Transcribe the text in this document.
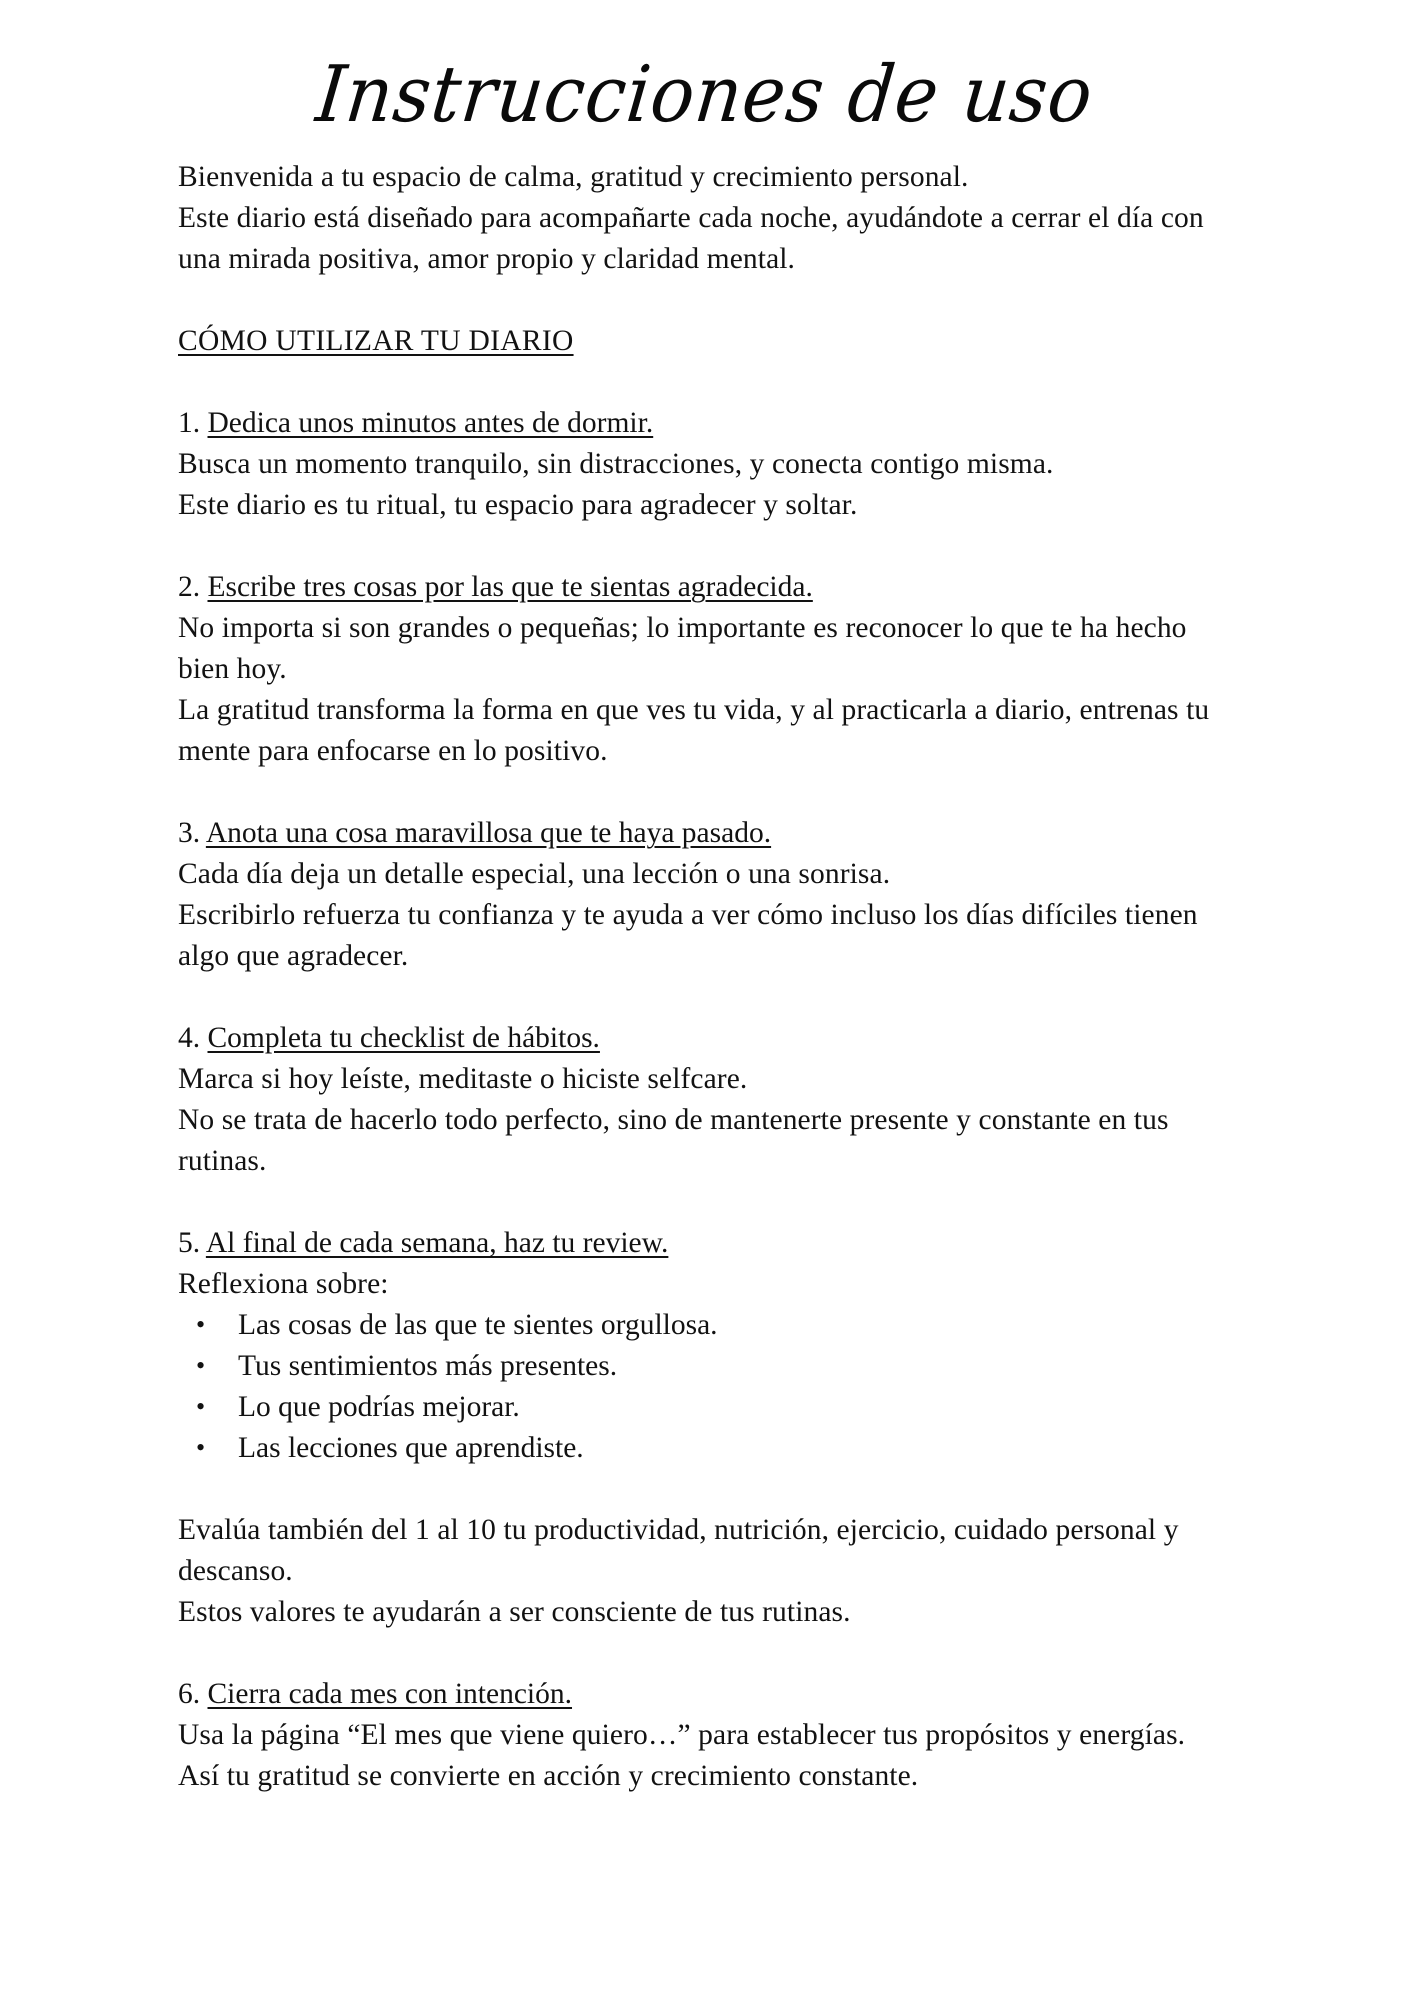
Instrucciones de uso

Bienvenida a tu espacio de calma, gratitud y crecimiento personal.
Este diario está diseñado para acompañarte cada noche, ayudándote a cerrar el día con una mirada positiva, amor propio y claridad mental.

CÓMO UTILIZAR TU DIARIO

1. Dedica unos minutos antes de dormir.

Busca un momento tranquilo, sin distracciones, y conecta contigo misma.
Este diario es tu ritual, tu espacio para agradecer y soltar.

2. Escribe tres cosas por las que te sientas agradecida.

No importa si son grandes o pequeñas; lo importante es reconocer lo que te ha hecho bien hoy.
La gratitud transforma la forma en que ves tu vida, y al practicarla a diario, entrenas tu mente para enfocarse en lo positivo.

3. Anota una cosa maravillosa que te haya pasado.

Cada día deja un detalle especial, una lección o una sonrisa.
Escribirlo refuerza tu confianza y te ayuda a ver cómo incluso los días difíciles tienen algo que agradecer.

4. Completa tu checklist de hábitos.

Marca si hoy leíste, meditaste o hiciste selfcare.
No se trata de hacerlo todo perfecto, sino de mantenerte presente y constante en tus rutinas.

5. Al final de cada semana, haz tu review.

Reflexiona sobre:

• Las cosas de las que te sientes orgullosa.
• Tus sentimientos más presentes.
• Lo que podrías mejorar.
• Las lecciones que aprendiste.

Evalúa también del 1 al 10 tu productividad, nutrición, ejercicio, cuidado personal y descanso.
Estos valores te ayudarán a ser consciente de tus rutinas.

6. Cierra cada mes con intención.

Usa la página “El mes que viene quiero…” para establecer tus propósitos y energías.
Así tu gratitud se convierte en acción y crecimiento constante.
